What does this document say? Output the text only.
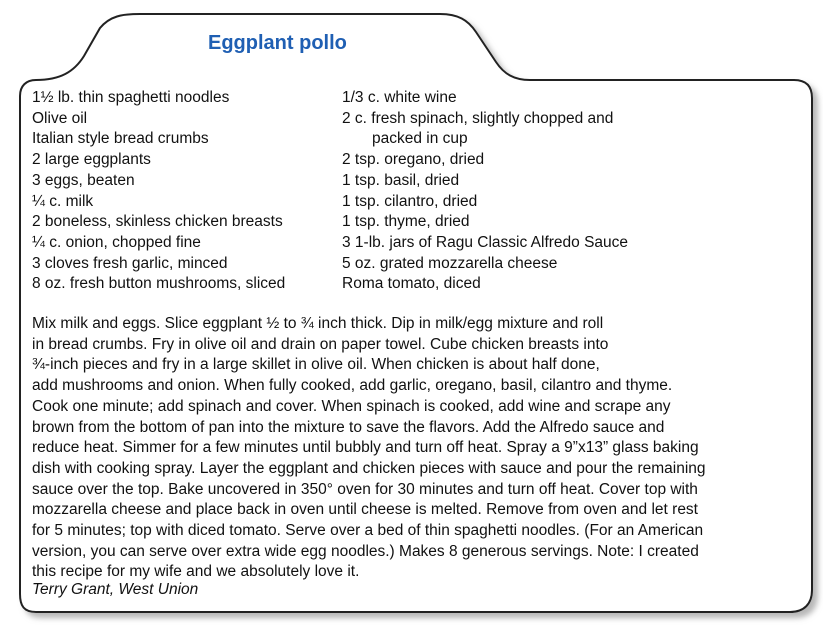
Eggplant pollo
1½ lb. thin spaghetti noodles
Olive oil
Italian style bread crumbs
2 large eggplants
3 eggs, beaten
¼ c. milk
2 boneless, skinless chicken breasts
¼ c. onion, chopped fine
3 cloves fresh garlic, minced
8 oz. fresh button mushrooms, sliced
1/3 c. white wine
2 c. fresh spinach, slightly chopped and
packed in cup
2 tsp. oregano, dried
1 tsp. basil, dried
1 tsp. cilantro, dried
1 tsp. thyme, dried
3 1-lb. jars of Ragu Classic Alfredo Sauce
5 oz. grated mozzarella cheese
Roma tomato, diced

Mix milk and eggs. Slice eggplant ½ to ¾ inch thick. Dip in milk/egg mixture and roll
in bread crumbs. Fry in olive oil and drain on paper towel. Cube chicken breasts into
¾-inch pieces and fry in a large skillet in olive oil. When chicken is about half done,
add mushrooms and onion. When fully cooked, add garlic, oregano, basil, cilantro and thyme.
Cook one minute; add spinach and cover. When spinach is cooked, add wine and scrape any
brown from the bottom of pan into the mixture to save the flavors. Add the Alfredo sauce and
reduce heat. Simmer for a few minutes until bubbly and turn off heat. Spray a 9”x13” glass baking
dish with cooking spray. Layer the eggplant and chicken pieces with sauce and pour the remaining
sauce over the top. Bake uncovered in 350° oven for 30 minutes and turn off heat. Cover top with
mozzarella cheese and place back in oven until cheese is melted. Remove from oven and let rest
for 5 minutes; top with diced tomato. Serve over a bed of thin spaghetti noodles. (For an American
version, you can serve over extra wide egg noodles.) Makes 8 generous servings. Note: I created
this recipe for my wife and we absolutely love it.

Terry Grant, West Union
